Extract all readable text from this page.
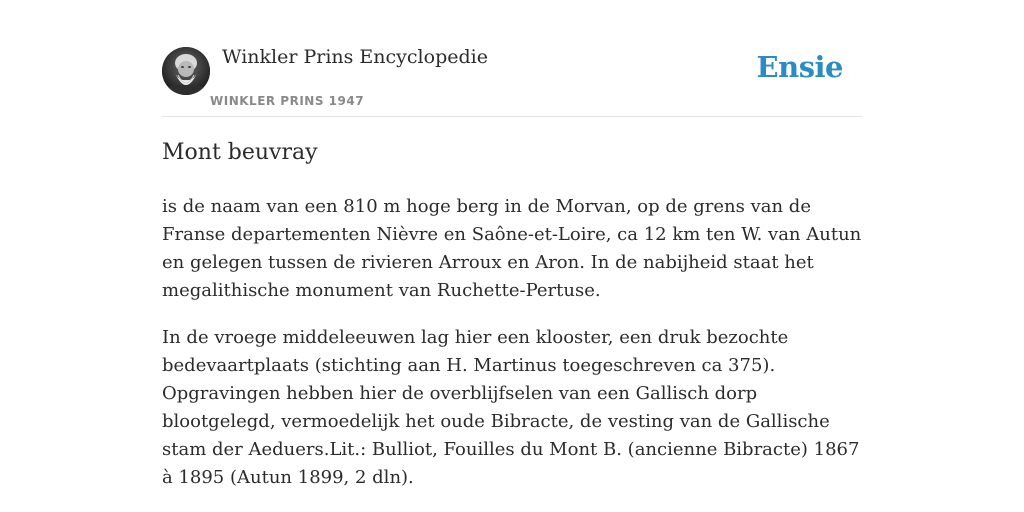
Winkler Prins Encyclopedie
WINKLER PRINS 1947
Ensie
Mont beuvray

is de naam van een 810 m hoge berg in de Morvan, op de grens van de Franse departementen Nièvre en Saône-et-Loire, ca 12 km ten W. van Autun en gelegen tussen de rivieren Arroux en Aron. In de nabijheid staat het megalithische monument van Ruchette-Pertuse.

In de vroege middeleeuwen lag hier een klooster, een druk bezochte bedevaartplaats (stichting aan H. Martinus toegeschreven ca 375). Opgravingen hebben hier de overblijfselen van een Gallisch dorp blootgelegd, vermoedelijk het oude Bibracte, de vesting van de Gallische stam der Aeduers.Lit.: Bulliot, Fouilles du Mont B. (ancienne Bibracte) 1867 à 1895 (Autun 1899, 2 dln).
